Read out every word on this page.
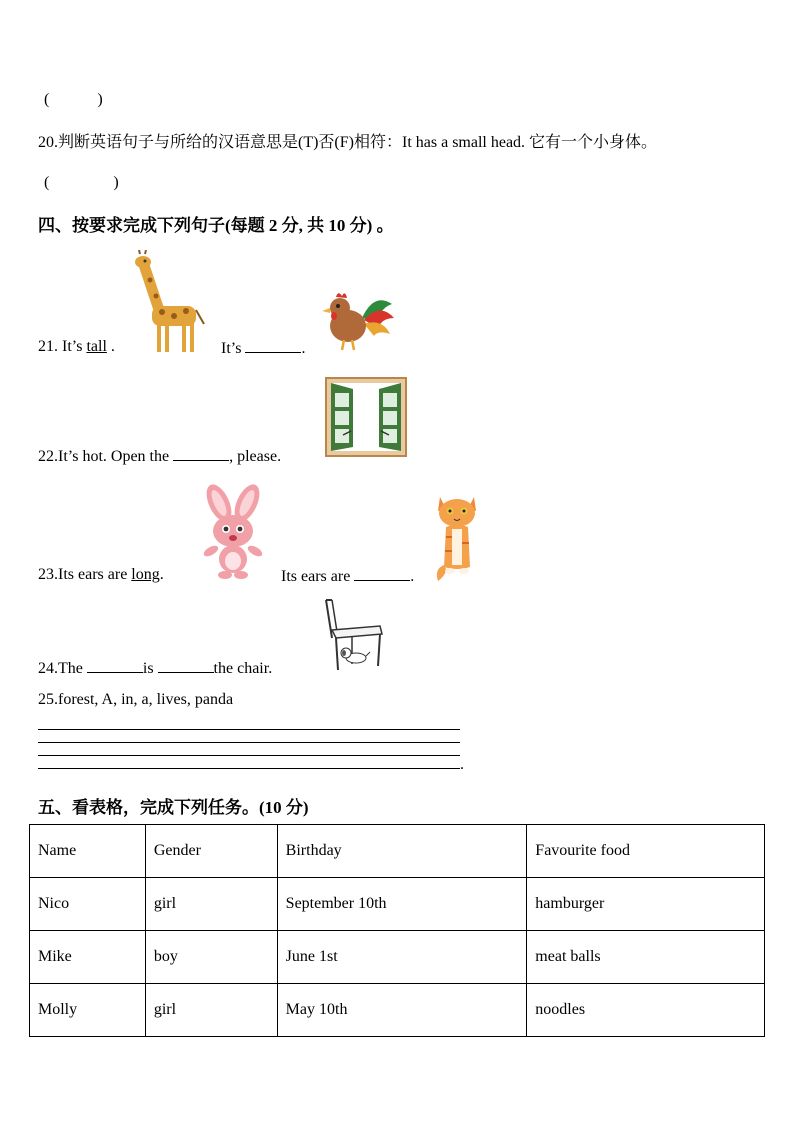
(　　　)
20.判断英语句子与所给的汉语意思是(T)否(F)相符：It has a small head. 它有一个小身体。
(　　　　)
四、按要求完成下列句子(每题 2 分, 共 10 分) 。
21. It’s tall .	It’s	.
22.It’s hot. Open the	, please.
23.Its ears are long.	Its ears are	.
24.The	is	the chair.
25.forest, A, in, a, lives, panda
.
五、看表格，完成下列任务。(10 分)
Name	Gender	Birthday	Favourite food
Nico	girl	September 10th	hamburger
Mike	boy	June 1st	meat balls
Molly	girl	May 10th	noodles
